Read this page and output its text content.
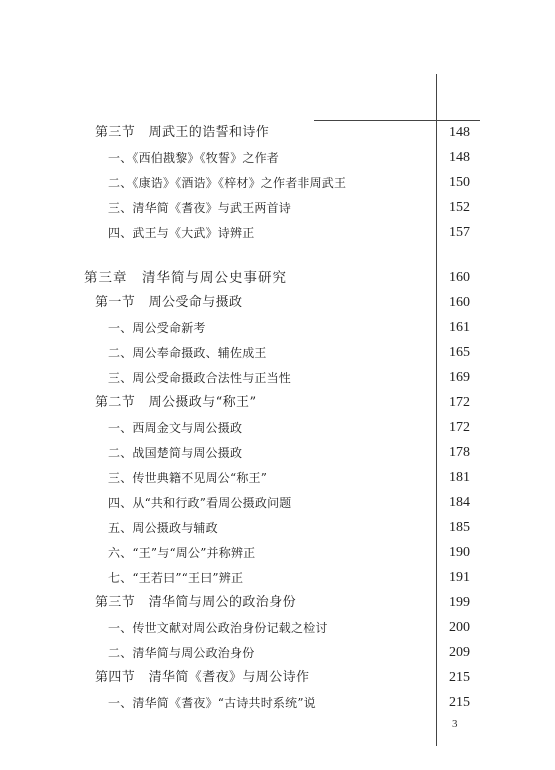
第三节　周武王的诰誓和诗作	148
一、《西伯戡黎》《牧誓》之作者	148
二、《康诰》《酒诰》《梓材》之作者非周武王	150
三、清华简《耆夜》与武王两首诗	152
四、武王与《大武》诗辨正	157
第三章　清华简与周公史事研究	160
第一节　周公受命与摄政	160
一、周公受命新考	161
二、周公奉命摄政、辅佐成王	165
三、周公受命摄政合法性与正当性	169
第二节　周公摄政与“称王”	172
一、西周金文与周公摄政	172
二、战国楚简与周公摄政	178
三、传世典籍不见周公“称王”	181
四、从“共和行政”看周公摄政问题	184
五、周公摄政与辅政	185
六、“王”与“周公”并称辨正	190
七、“王若曰”“王曰”辨正	191
第三节　清华简与周公的政治身份	199
一、传世文献对周公政治身份记载之检讨	200
二、清华简与周公政治身份	209
第四节　清华简《耆夜》与周公诗作	215
一、清华简《耆夜》“古诗共时系统”说	215
3
